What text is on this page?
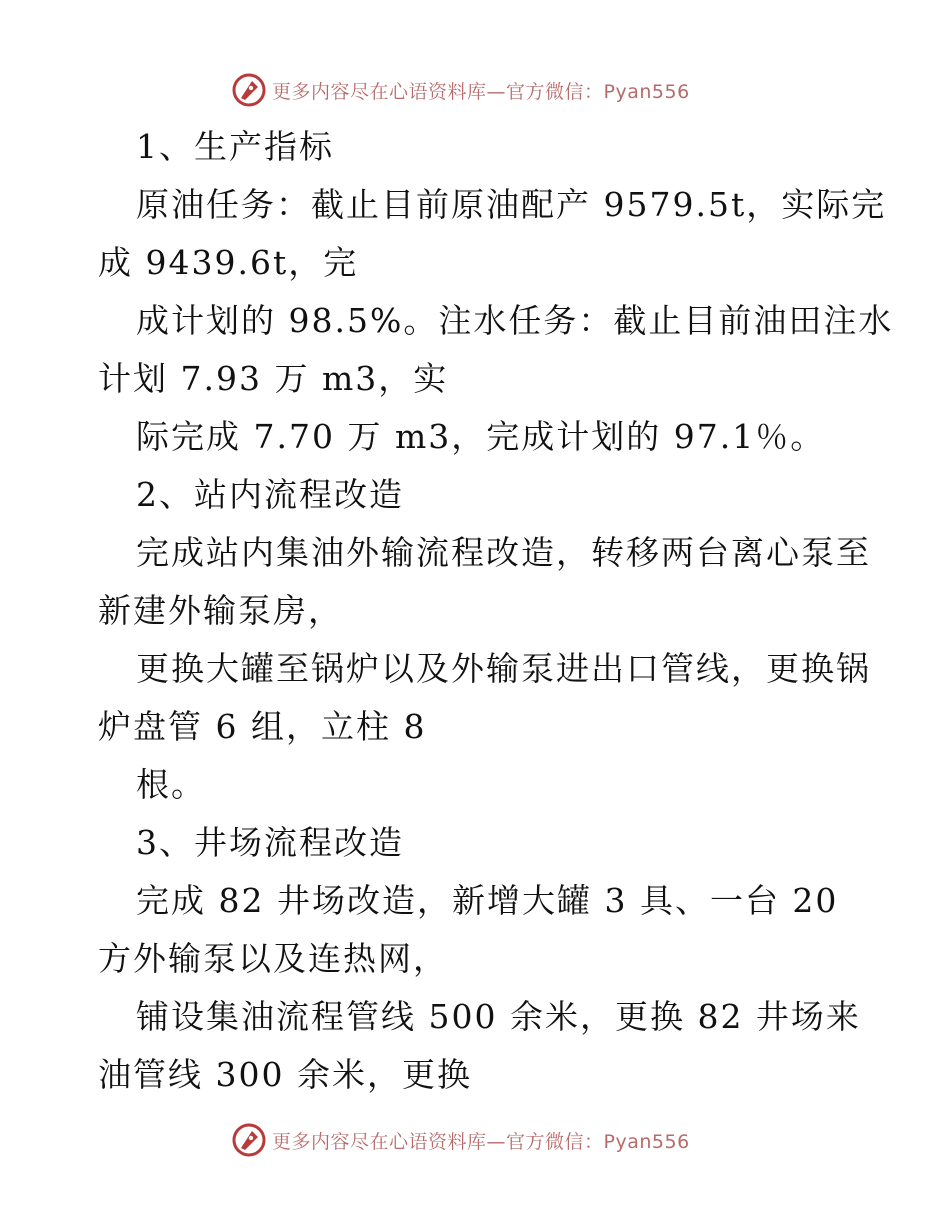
更多内容尽在心语资料库—官方微信：Pyan556
1、生产指标
原油任务：截止目前原油配产 9579.5t，实际完
成 9439.6t，完
成计划的 98.5%。注水任务：截止目前油田注水
计划 7.93 万 m3，实
际完成 7.70 万 m3，完成计划的 97.1％。
2、站内流程改造
完成站内集油外输流程改造，转移两台离心泵至
新建外输泵房，
更换大罐至锅炉以及外输泵进出口管线，更换锅
炉盘管 6 组，立柱 8
根。
3、井场流程改造
完成 82 井场改造，新增大罐 3 具、一台 20
方外输泵以及连热网，
铺设集油流程管线 500 余米，更换 82 井场来
油管线 300 余米，更换
更多内容尽在心语资料库—官方微信：Pyan556
